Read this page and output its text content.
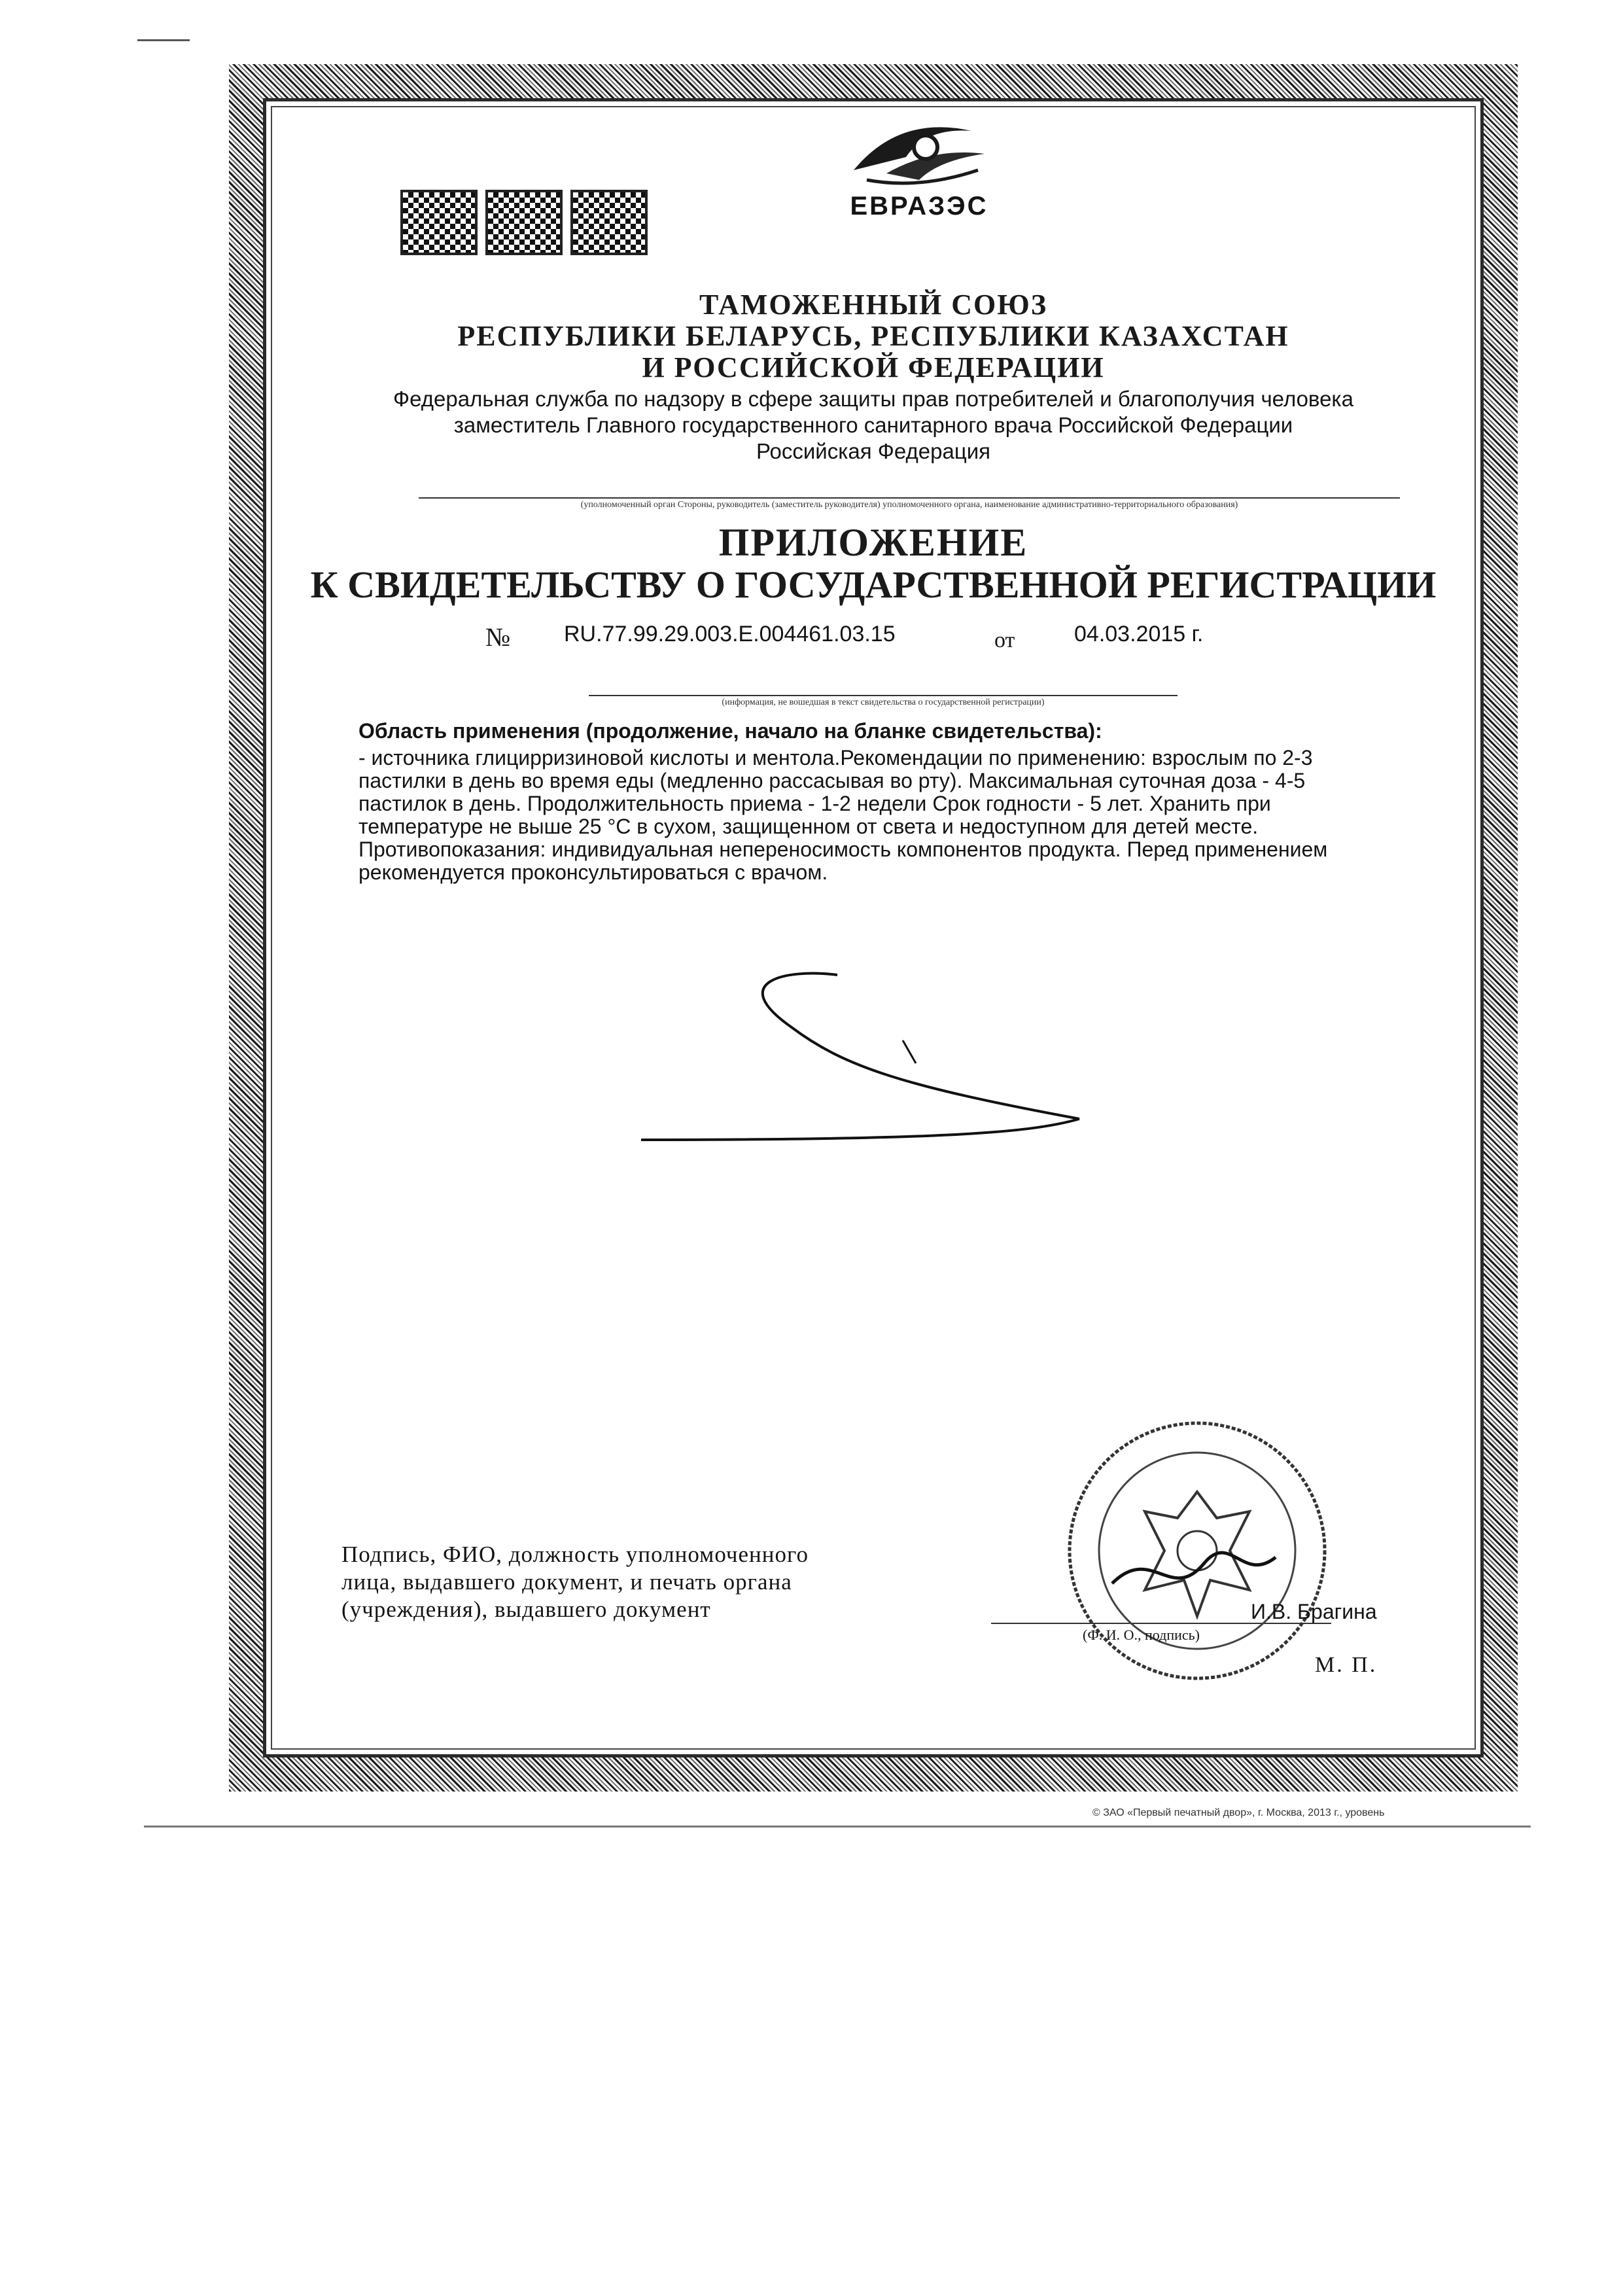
ЕВРАЗЭС
ТАМОЖЕННЫЙ СОЮЗ
РЕСПУБЛИКИ БЕЛАРУСЬ, РЕСПУБЛИКИ КАЗАХСТАН
И РОССИЙСКОЙ ФЕДЕРАЦИИ
Федеральная служба по надзору в сфере защиты прав потребителей и благополучия человека
заместитель Главного государственного санитарного врача Российской Федерации
Российская Федерация
(уполномоченный орган Стороны, руководитель (заместитель руководителя) уполномоченного органа, наименование административно-территориального образования)
ПРИЛОЖЕНИЕ
К СВИДЕТЕЛЬСТВУ О ГОСУДАРСТВЕННОЙ РЕГИСТРАЦИИ
№ RU.77.99.29.003.E.004461.03.15	от	04.03.2015 г.
(информация, не вошедшая в текст свидетельства о государственной регистрации)
Область применения (продолжение, начало на бланке свидетельства):
- источника глицирризиновой кислоты и ментола.Рекомендации по применению: взрослым по 2-3
пастилки в день во время еды (медленно рассасывая во рту). Максимальная суточная доза - 4-5
пастилок в день. Продолжительность приема - 1-2 недели Срок годности - 5 лет. Хранить при
температуре не выше 25 °С в сухом, защищенном от света и недоступном для детей месте.
Противопоказания: индивидуальная непереносимость компонентов продукта. Перед применением
рекомендуется проконсультироваться с врачом.
Подпись, ФИО, должность уполномоченного
лица, выдавшего документ, и печать органа
(учреждения), выдавшего документ	И.В. Брагина
(Ф. И. О., подпись)
М. П.
© ЗАО «Первый печатный двор», г. Москва, 2013 г., уровень
